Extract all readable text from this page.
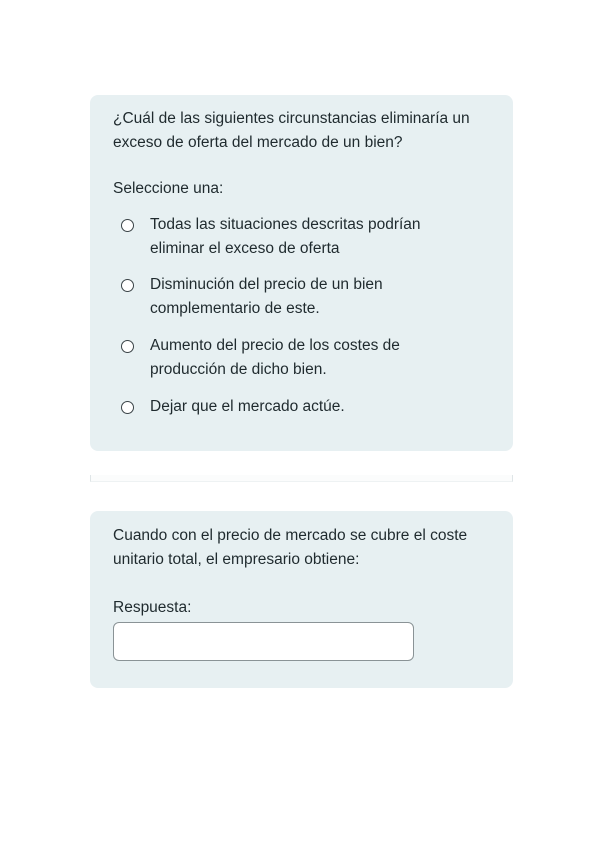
¿Cuál de las siguientes circunstancias eliminaría un exceso de oferta del mercado de un bien?
Seleccione una:
Todas las situaciones descritas podrían eliminar el exceso de oferta
Disminución del precio de un bien complementario de este.
Aumento del precio de los costes de producción de dicho bien.
Dejar que el mercado actúe.
Cuando con el precio de mercado se cubre el coste unitario total, el empresario obtiene:
Respuesta:
